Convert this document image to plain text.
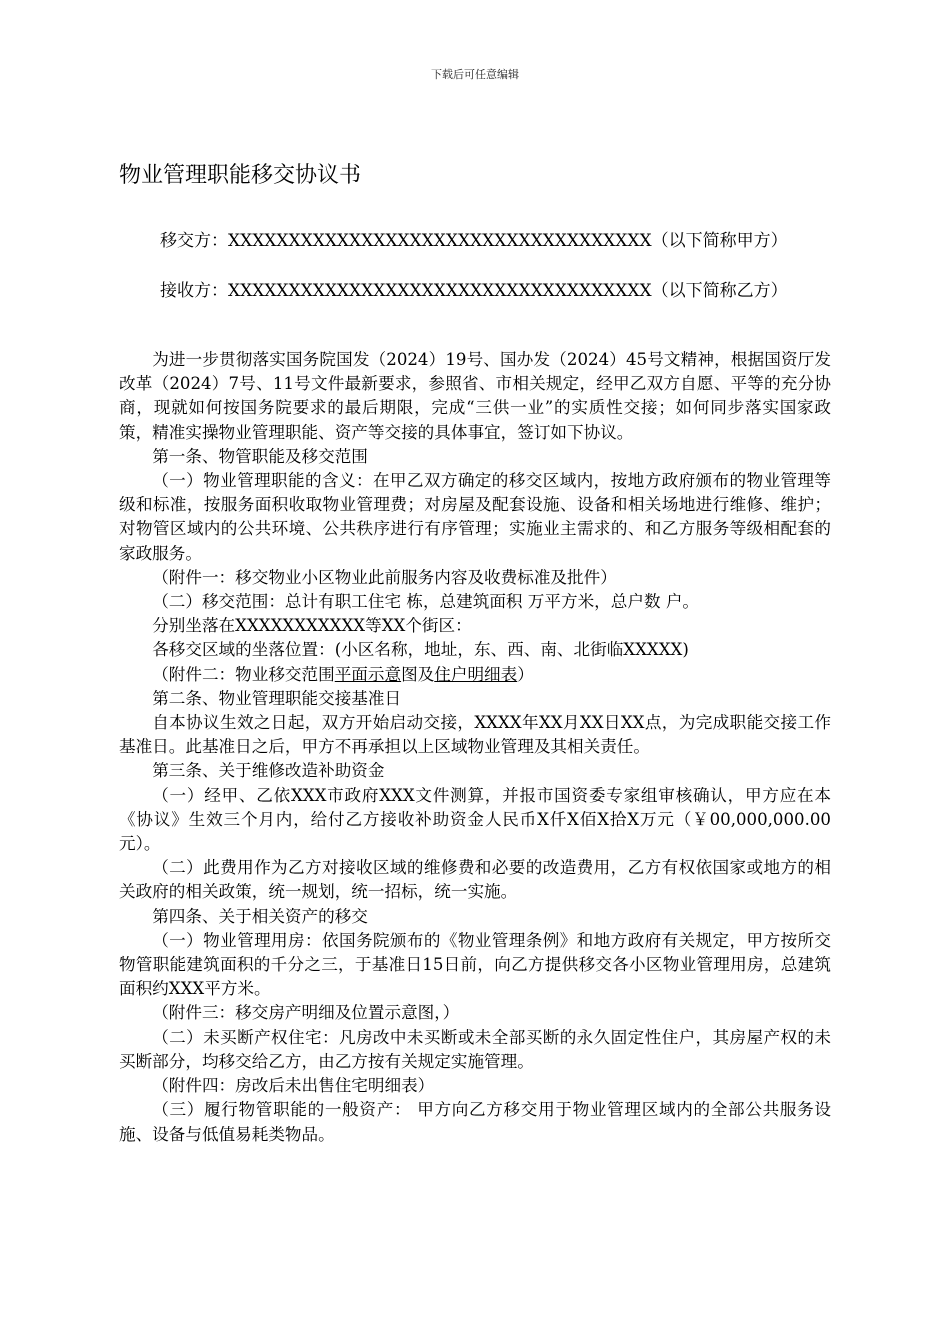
下载后可任意编辑
物业管理职能移交协议书
移交方：XXXXXXXXXXXXXXXXXXXXXXXXXXXXXXXXXXX（以下简称甲方）
接收方：XXXXXXXXXXXXXXXXXXXXXXXXXXXXXXXXXXX（以下简称乙方）

为进一步贯彻落实国务院国发（2024）19号、国办发（2024）45号文精神，根据国资厅发改革（2024）7号、11号文件最新要求，参照省、市相关规定，经甲乙双方自愿、平等的充分协商，现就如何按国务院要求的最后期限，完成“三供一业”的实质性交接；如何同步落实国家政策，精准实操物业管理职能、资产等交接的具体事宜，签订如下协议。

第一条、物管职能及移交范围

（一）物业管理职能的含义：在甲乙双方确定的移交区域内，按地方政府颁布的物业管理等级和标准，按服务面积收取物业管理费；对房屋及配套设施、设备和相关场地进行维修、维护；对物管区域内的公共环境、公共秩序进行有序管理；实施业主需求的、和乙方服务等级相配套的家政服务。

（附件一：移交物业小区物业此前服务内容及收费标准及批件）

（二）移交范围：总计有职工住宅 栋，总建筑面积 万平方米，总户数 户。

分别坐落在XXXXXXXXXXX等XX个街区：

各移交区域的坐落位置：(小区名称，地址，东、西、南、北街临XXXXX)

（附件二：物业移交范围平面示意图及住户明细表）

第二条、物业管理职能交接基准日

自本协议生效之日起，双方开始启动交接，XXXX年XX月XX日XX点，为完成职能交接工作基准日。此基准日之后，甲方不再承担以上区域物业管理及其相关责任。

第三条、关于维修改造补助资金

（一）经甲、乙依XXX市政府XXX文件测算，并报市国资委专家组审核确认，甲方应在本《协议》生效三个月内，给付乙方接收补助资金人民币X仟X佰X拾X万元（￥00,000,000.00元）。

（二）此费用作为乙方对接收区域的维修费和必要的改造费用，乙方有权依国家或地方的相关政府的相关政策，统一规划，统一招标，统一实施。

第四条、关于相关资产的移交

（一）物业管理用房：依国务院颁布的《物业管理条例》和地方政府有关规定，甲方按所交物管职能建筑面积的千分之三，于基准日15日前，向乙方提供移交各小区物业管理用房，总建筑面积约XXX平方米。

（附件三：移交房产明细及位置示意图，）

（二）未买断产权住宅：凡房改中未买断或未全部买断的永久固定性住户，其房屋产权的未买断部分，均移交给乙方，由乙方按有关规定实施管理。

（附件四：房改后未出售住宅明细表）

（三）履行物管职能的一般资产： 甲方向乙方移交用于物业管理区域内的全部公共服务设施、设备与低值易耗类物品。
